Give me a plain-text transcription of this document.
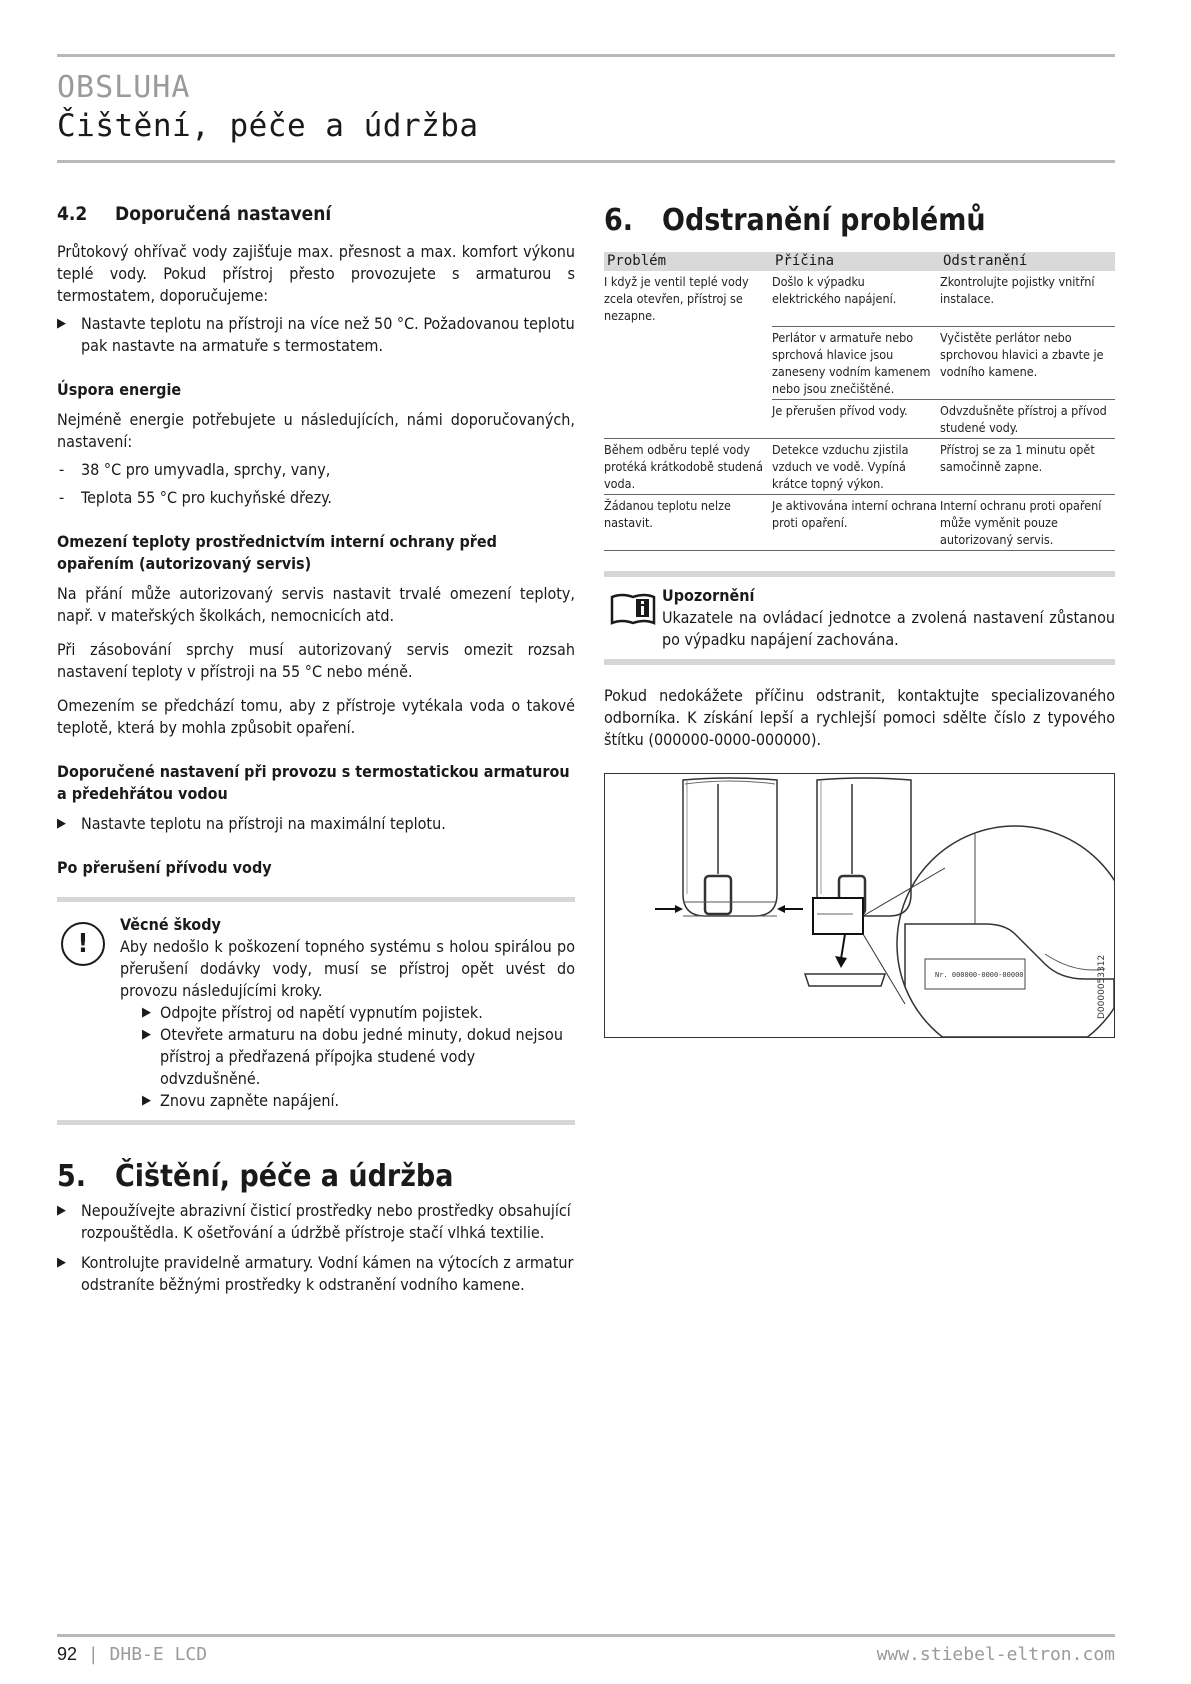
OBSLUHA
Čištění, péče a údržba
4.2 Doporučená nastavení

Průtokový ohřívač vody zajišťuje max. přesnost a max. komfort výkonu teplé vody. Pokud přístroj přesto provozujete s armaturou s termostatem, doporučujeme:

▶ Nastavte teplotu na přístroji na více než 50 °C. Požadovanou teplotu pak nastavte na armatuře s termostatem.
Úspora energie

Nejméně energie potřebujete u následujících, námi doporučovaných, nastavení:

- 38 °C pro umyvadla, sprchy, vany,
- Teplota 55 °C pro kuchyňské dřezy.
Omezení teploty prostřednictvím interní ochrany před opařením (autorizovaný servis)

Na přání může autorizovaný servis nastavit trvalé omezení teploty, např. v mateřských školkách, nemocnicích atd.

Při zásobování sprchy musí autorizovaný servis omezit rozsah nastavení teploty v přístroji na 55 °C nebo méně.

Omezením se předchází tomu, aby z přístroje vytékala voda o takové teplotě, která by mohla způsobit opaření.

Doporučené nastavení při provozu s termostatickou armaturou a předehřátou vodou
▶ Nastavte teplotu na přístroji na maximální teplotu.
Po přerušení přívodu vody
!

Věcné škody

Aby nedošlo k poškození topného systému s holou spirálou po přerušení dodávky vody, musí se přístroj opět uvést do provozu následujícími kroky.

▶ Odpojte přístroj od napětí vypnutím pojistek.
▶ Otevřete armaturu na dobu jedné minuty, dokud nejsou přístroj a předřazená přípojka studené vody odvzdušněné.
▶ Znovu zapněte napájení.
5. Čištění, péče a údržba
▶ Nepoužívejte abrazivní čisticí prostředky nebo prostředky obsahující rozpouštědla. K ošetřování a údržbě přístroje stačí vlhká textilie.
▶ Kontrolujte pravidelně armatury. Vodní kámen na výtocích z armatur odstraníte běžnými prostředky k odstranění vodního kamene.
6. Odstranění problémů
Problém	Příčina	Odstranění
I když je ventil teplé vody zcela otevřen, přístroj se nezapne.	Došlo k výpadku elektrického napájení.	Zkontrolujte pojistky vnitřní instalace.
	Perlátor v armatuře nebo sprchová hlavice jsou zaneseny vodním kamenem nebo jsou znečištěné.	Vyčistěte perlátor nebo sprchovou hlavici a zbavte je vodního kamene.
	Je přerušen přívod vody.	Odvzdušněte přístroj a přívod studené vody.
Během odběru teplé vody protéká krátkodobě studená voda.	Detekce vzduchu zjistila vzduch ve vodě. Vypíná krátce topný výkon.	Přístroj se za 1 minutu opět samočinně zapne.
Žádanou teplotu nelze nastavit.	Je aktivována interní ochrana proti opaření.	Interní ochranu proti opaření může vyměnit pouze autorizovaný servis.

Upozornění

Ukazatele na ovládací jednotce a zvolená nastavení zůstanou po výpadku napájení zachována.

Pokud nedokážete příčinu odstranit, kontaktujte specializovaného odborníka. K získání lepší a rychlejší pomoci sdělte číslo z typového štítku (000000-0000-000000).

Nr. 000000-0000-00000	D0000053312
92 | DHB-E LCD	www.stiebel-eltron.com
